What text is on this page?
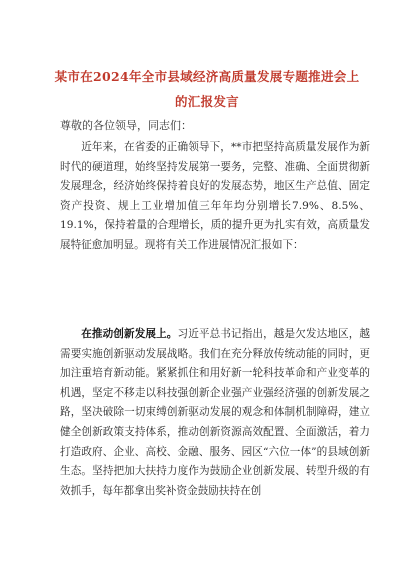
某市在2024年全市县域经济高质量发展专题推进会上的汇报发言
尊敬的各位领导，同志们：

近年来，在省委的正确领导下，**市把坚持高质量发展作为新时代的硬道理，始终坚持发展第一要务，完整、准确、全面贯彻新发展理念，经济始终保持着良好的发展态势，地区生产总值、固定资产投资、规上工业增加值三年年均分别增长7.9%、8.5%、19.1%，保持着量的合理增长，质的提升更为扎实有效，高质量发展特征愈加明显。现将有关工作进展情况汇报如下：

在推动创新发展上。习近平总书记指出，越是欠发达地区，越需要实施创新驱动发展战略。我们在充分释放传统动能的同时，更加注重培育新动能。紧紧抓住和用好新一轮科技革命和产业变革的机遇，坚定不移走以科技强创新企业强产业强经济强的创新发展之路，坚决破除一切束缚创新驱动发展的观念和体制机制障碍，建立健全创新政策支持体系，推动创新资源高效配置、全面激活，着力打造政府、企业、高校、金融、服务、园区“六位一体”的县域创新生态。坚持把加大扶持力度作为鼓励企业创新发展、转型升级的有效抓手，每年都拿出奖补资金鼓励扶持在创
